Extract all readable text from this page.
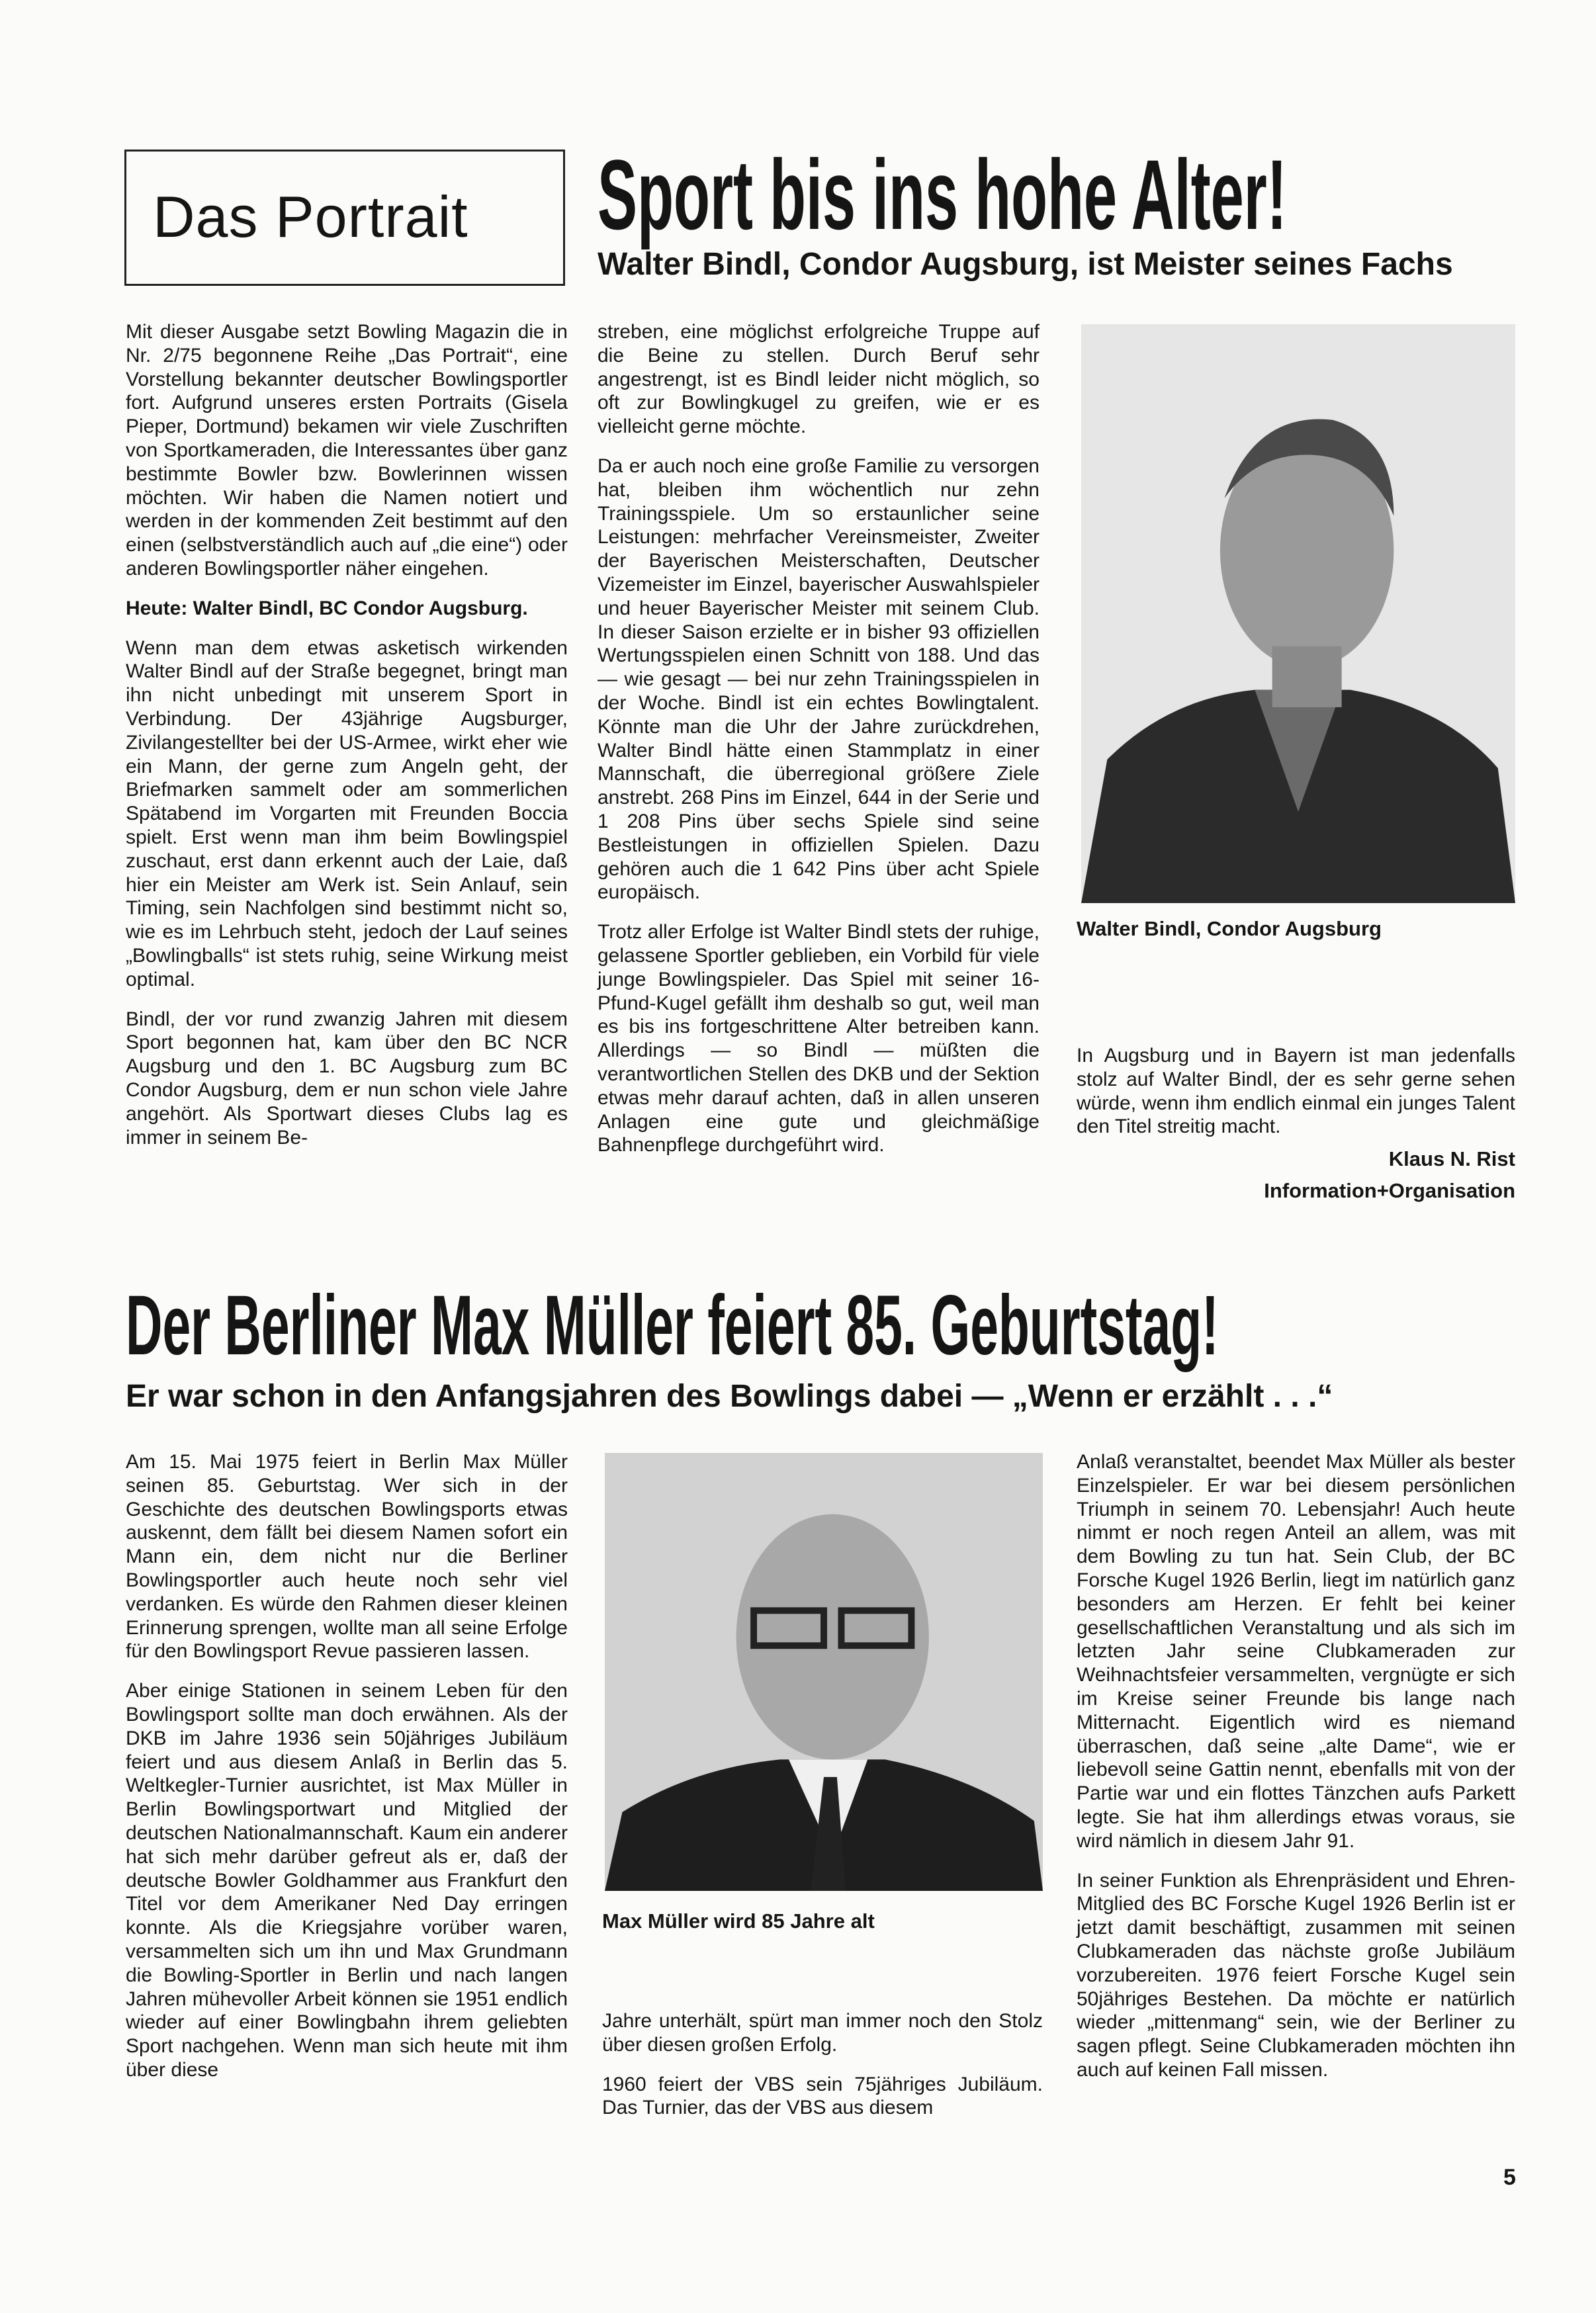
Das Portrait Sport bis ins hohe Alter!
Walter Bindl, Condor Augsburg, ist Meister seines Fachs

Mit dieser Ausgabe setzt Bowling Magazin die in Nr. 2/75 begonnene Reihe „Das Portrait“, eine Vorstellung bekannter deutscher Bowlingsportler fort. Aufgrund unseres ersten Portraits (Gisela Pieper, Dortmund) bekamen wir viele Zuschriften von Sportkameraden, die Interessantes über ganz bestimmte Bowler bzw. Bowlerinnen wissen möchten. Wir haben die Namen notiert und werden in der kommenden Zeit bestimmt auf den einen (selbstverständlich auch auf „die eine“) oder anderen Bowlingsportler näher eingehen.

Heute: Walter Bindl, BC Condor Augsburg.

Wenn man dem etwas asketisch wirkenden Walter Bindl auf der Straße begegnet, bringt man ihn nicht unbedingt mit unserem Sport in Verbindung. Der 43jährige Augsburger, Zivilangestellter bei der US-Armee, wirkt eher wie ein Mann, der gerne zum Angeln geht, der Briefmarken sammelt oder am sommerlichen Spätabend im Vorgarten mit Freunden Boccia spielt. Erst wenn man ihm beim Bowlingspiel zuschaut, erst dann erkennt auch der Laie, daß hier ein Meister am Werk ist. Sein Anlauf, sein Timing, sein Nachfolgen sind bestimmt nicht so, wie es im Lehrbuch steht, jedoch der Lauf seines „Bowlingballs“ ist stets ruhig, seine Wirkung meist optimal.

Bindl, der vor rund zwanzig Jahren mit diesem Sport begonnen hat, kam über den BC NCR Augsburg und den 1. BC Augsburg zum BC Condor Augsburg, dem er nun schon viele Jahre angehört. Als Sportwart dieses Clubs lag es immer in seinem Be-

streben, eine möglichst erfolgreiche Truppe auf die Beine zu stellen. Durch Beruf sehr angestrengt, ist es Bindl leider nicht möglich, so oft zur Bowlingkugel zu greifen, wie er es vielleicht gerne möchte.

Da er auch noch eine große Familie zu versorgen hat, bleiben ihm wöchentlich nur zehn Trainingsspiele. Um so erstaunlicher seine Leistungen: mehrfacher Vereinsmeister, Zweiter der Bayerischen Meisterschaften, Deutscher Vizemeister im Einzel, bayerischer Auswahlspieler und heuer Bayerischer Meister mit seinem Club. In dieser Saison erzielte er in bisher 93 offiziellen Wertungsspielen einen Schnitt von 188. Und das — wie gesagt — bei nur zehn Trainingsspielen in der Woche. Bindl ist ein echtes Bowlingtalent. Könnte man die Uhr der Jahre zurückdrehen, Walter Bindl hätte einen Stammplatz in einer Mannschaft, die überregional größere Ziele anstrebt. 268 Pins im Einzel, 644 in der Serie und 1 208 Pins über sechs Spiele sind seine Bestleistungen in offiziellen Spielen. Dazu gehören auch die 1 642 Pins über acht Spiele europäisch.

Trotz aller Erfolge ist Walter Bindl stets der ruhige, gelassene Sportler geblieben, ein Vorbild für viele junge Bowlingspieler. Das Spiel mit seiner 16-Pfund-Kugel gefällt ihm deshalb so gut, weil man es bis ins fortgeschrittene Alter betreiben kann. Allerdings — so Bindl — müßten die verantwortlichen Stellen des DKB und der Sektion etwas mehr darauf achten, daß in allen unseren Anlagen eine gute und gleichmäßige Bahnenpflege durchgeführt wird.

Walter Bindl, Condor Augsburg

In Augsburg und in Bayern ist man jedenfalls stolz auf Walter Bindl, der es sehr gerne sehen würde, wenn ihm endlich einmal ein junges Talent den Titel streitig macht.

Klaus N. Rist
Information+Organisation
Der Berliner Max Müller feiert 85. Geburtstag!
Er war schon in den Anfangsjahren des Bowlings dabei — „Wenn er erzählt . . .“

Am 15. Mai 1975 feiert in Berlin Max Müller seinen 85. Geburtstag. Wer sich in der Geschichte des deutschen Bowlingsports etwas auskennt, dem fällt bei diesem Namen sofort ein Mann ein, dem nicht nur die Berliner Bowlingsportler auch heute noch sehr viel verdanken. Es würde den Rahmen dieser kleinen Erinnerung sprengen, wollte man all seine Erfolge für den Bowlingsport Revue passieren lassen.

Aber einige Stationen in seinem Leben für den Bowlingsport sollte man doch erwähnen. Als der DKB im Jahre 1936 sein 50jähriges Jubiläum feiert und aus diesem Anlaß in Berlin das 5. Weltkegler-Turnier ausrichtet, ist Max Müller in Berlin Bowlingsportwart und Mitglied der deutschen Nationalmannschaft. Kaum ein anderer hat sich mehr darüber gefreut als er, daß der deutsche Bowler Goldhammer aus Frankfurt den Titel vor dem Amerikaner Ned Day erringen konnte. Als die Kriegsjahre vorüber waren, versammelten sich um ihn und Max Grundmann die Bowling-Sportler in Berlin und nach langen Jahren mühevoller Arbeit können sie 1951 endlich wieder auf einer Bowlingbahn ihrem geliebten Sport nachgehen. Wenn man sich heute mit ihm über diese

Max Müller wird 85 Jahre alt

Jahre unterhält, spürt man immer noch den Stolz über diesen großen Erfolg.

1960 feiert der VBS sein 75jähriges Jubiläum. Das Turnier, das der VBS aus diesem

Anlaß veranstaltet, beendet Max Müller als bester Einzelspieler. Er war bei diesem persönlichen Triumph in seinem 70. Lebensjahr! Auch heute nimmt er noch regen Anteil an allem, was mit dem Bowling zu tun hat. Sein Club, der BC Forsche Kugel 1926 Berlin, liegt im natürlich ganz besonders am Herzen. Er fehlt bei keiner gesellschaftlichen Veranstaltung und als sich im letzten Jahr seine Clubkameraden zur Weihnachtsfeier versammelten, vergnügte er sich im Kreise seiner Freunde bis lange nach Mitternacht. Eigentlich wird es niemand überraschen, daß seine „alte Dame“, wie er liebevoll seine Gattin nennt, ebenfalls mit von der Partie war und ein flottes Tänzchen aufs Parkett legte. Sie hat ihm allerdings etwas voraus, sie wird nämlich in diesem Jahr 91.

In seiner Funktion als Ehrenpräsident und Ehren-Mitglied des BC Forsche Kugel 1926 Berlin ist er jetzt damit beschäftigt, zusammen mit seinen Clubkameraden das nächste große Jubiläum vorzubereiten. 1976 feiert Forsche Kugel sein 50jähriges Bestehen. Da möchte er natürlich wieder „mittenmang“ sein, wie der Berliner zu sagen pflegt. Seine Clubkameraden möchten ihn auch auf keinen Fall missen.

5
